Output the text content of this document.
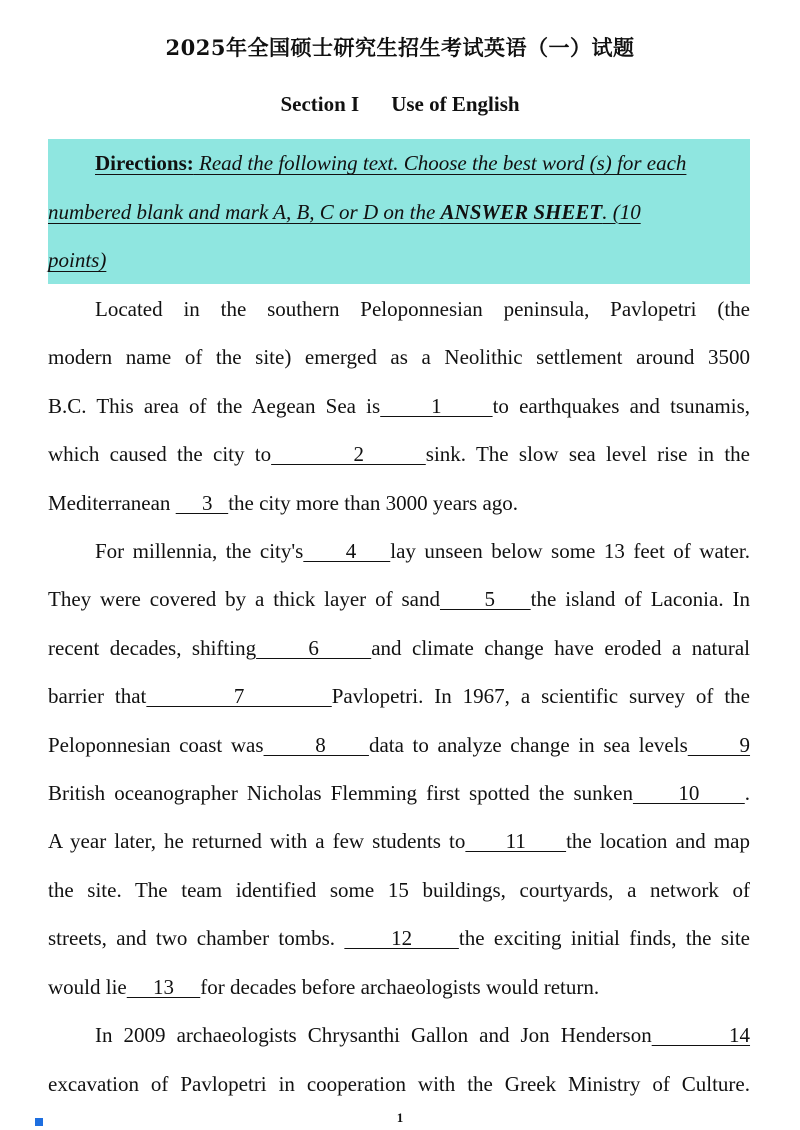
2025年全国硕士研究生招生考试英语（一）试题
Section I Use of English
Directions: Read the following text. Choose the best word (s) for each
numbered blank and mark A, B, C or D on the ANSWER SHEET. (10
points)
Located in the southern Peloponnesian peninsula, Pavlopetri (the
modern name of the site) emerged as a Neolithic settlement around 3500
B.C. This area of the Aegean Sea is     1     to earthquakes and tsunamis,
which caused the city to        2      sink. The slow sea level rise in the
Mediterranean      3   the city more than 3000 years ago.
For millennia, the city's     4    lay unseen below some 13 feet of water.
They were covered by a thick layer of sand     5    the island of Laconia. In
recent decades, shifting     6     and climate change have eroded a natural
barrier that        7        Pavlopetri. In 1967, a scientific survey of the
Peloponnesian coast was      8     data to analyze change in sea levels      9
British oceanographer Nicholas Flemming first spotted the sunken     10     .
A year later, he returned with a few students to     11     the location and map
the site. The team identified some 15 buildings, courtyards, a network of
streets, and two chamber tombs.      12     the exciting initial finds, the site
would lie     13     for decades before archaeologists would return.
In 2009 archaeologists Chrysanthi Gallon and Jon Henderson       14
excavation of Pavlopetri in cooperation with the Greek Ministry of Culture.
1
